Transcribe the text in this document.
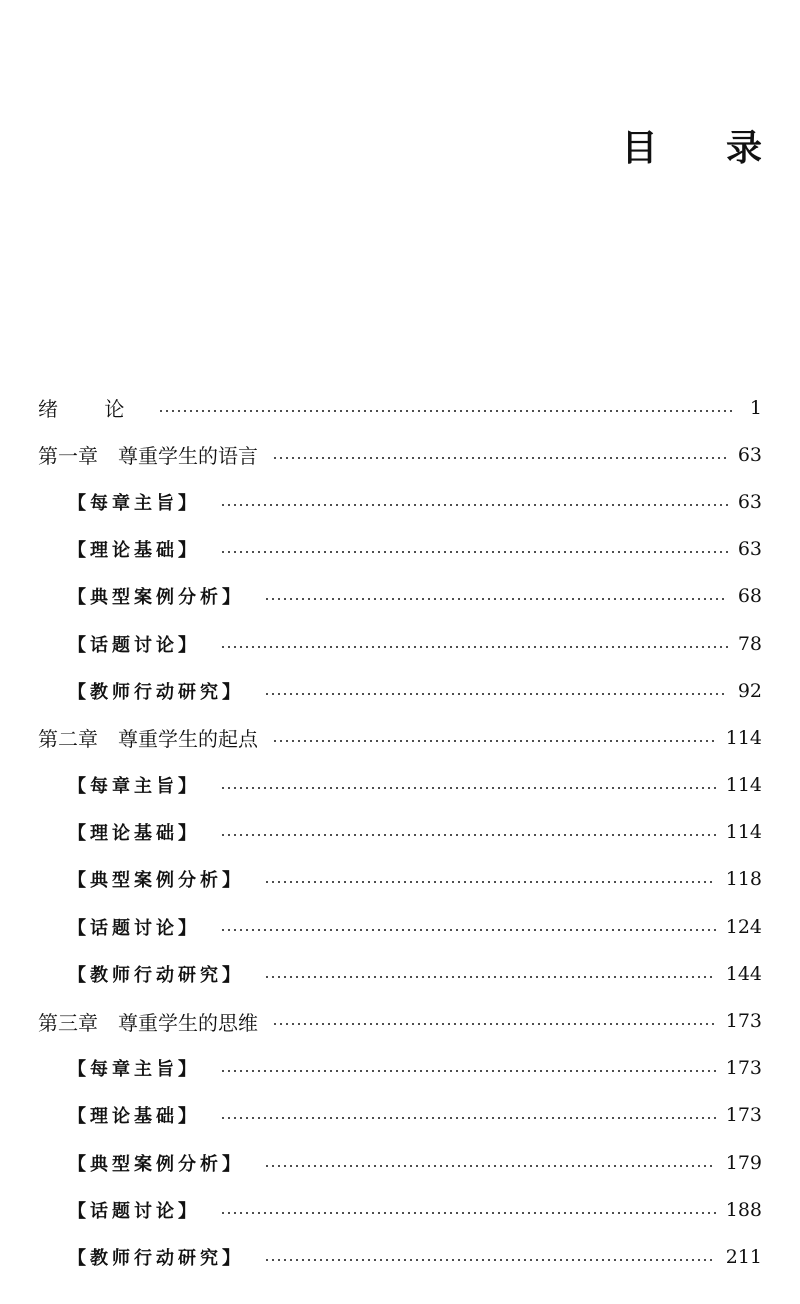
目 录
绪 论	1
第一章　尊重学生的语言	63
【每章主旨】	63
【理论基础】	63
【典型案例分析】	68
【话题讨论】	78
【教师行动研究】	92
第二章　尊重学生的起点	114
【每章主旨】	114
【理论基础】	114
【典型案例分析】	118
【话题讨论】	124
【教师行动研究】	144
第三章　尊重学生的思维	173
【每章主旨】	173
【理论基础】	173
【典型案例分析】	179
【话题讨论】	188
【教师行动研究】	211
